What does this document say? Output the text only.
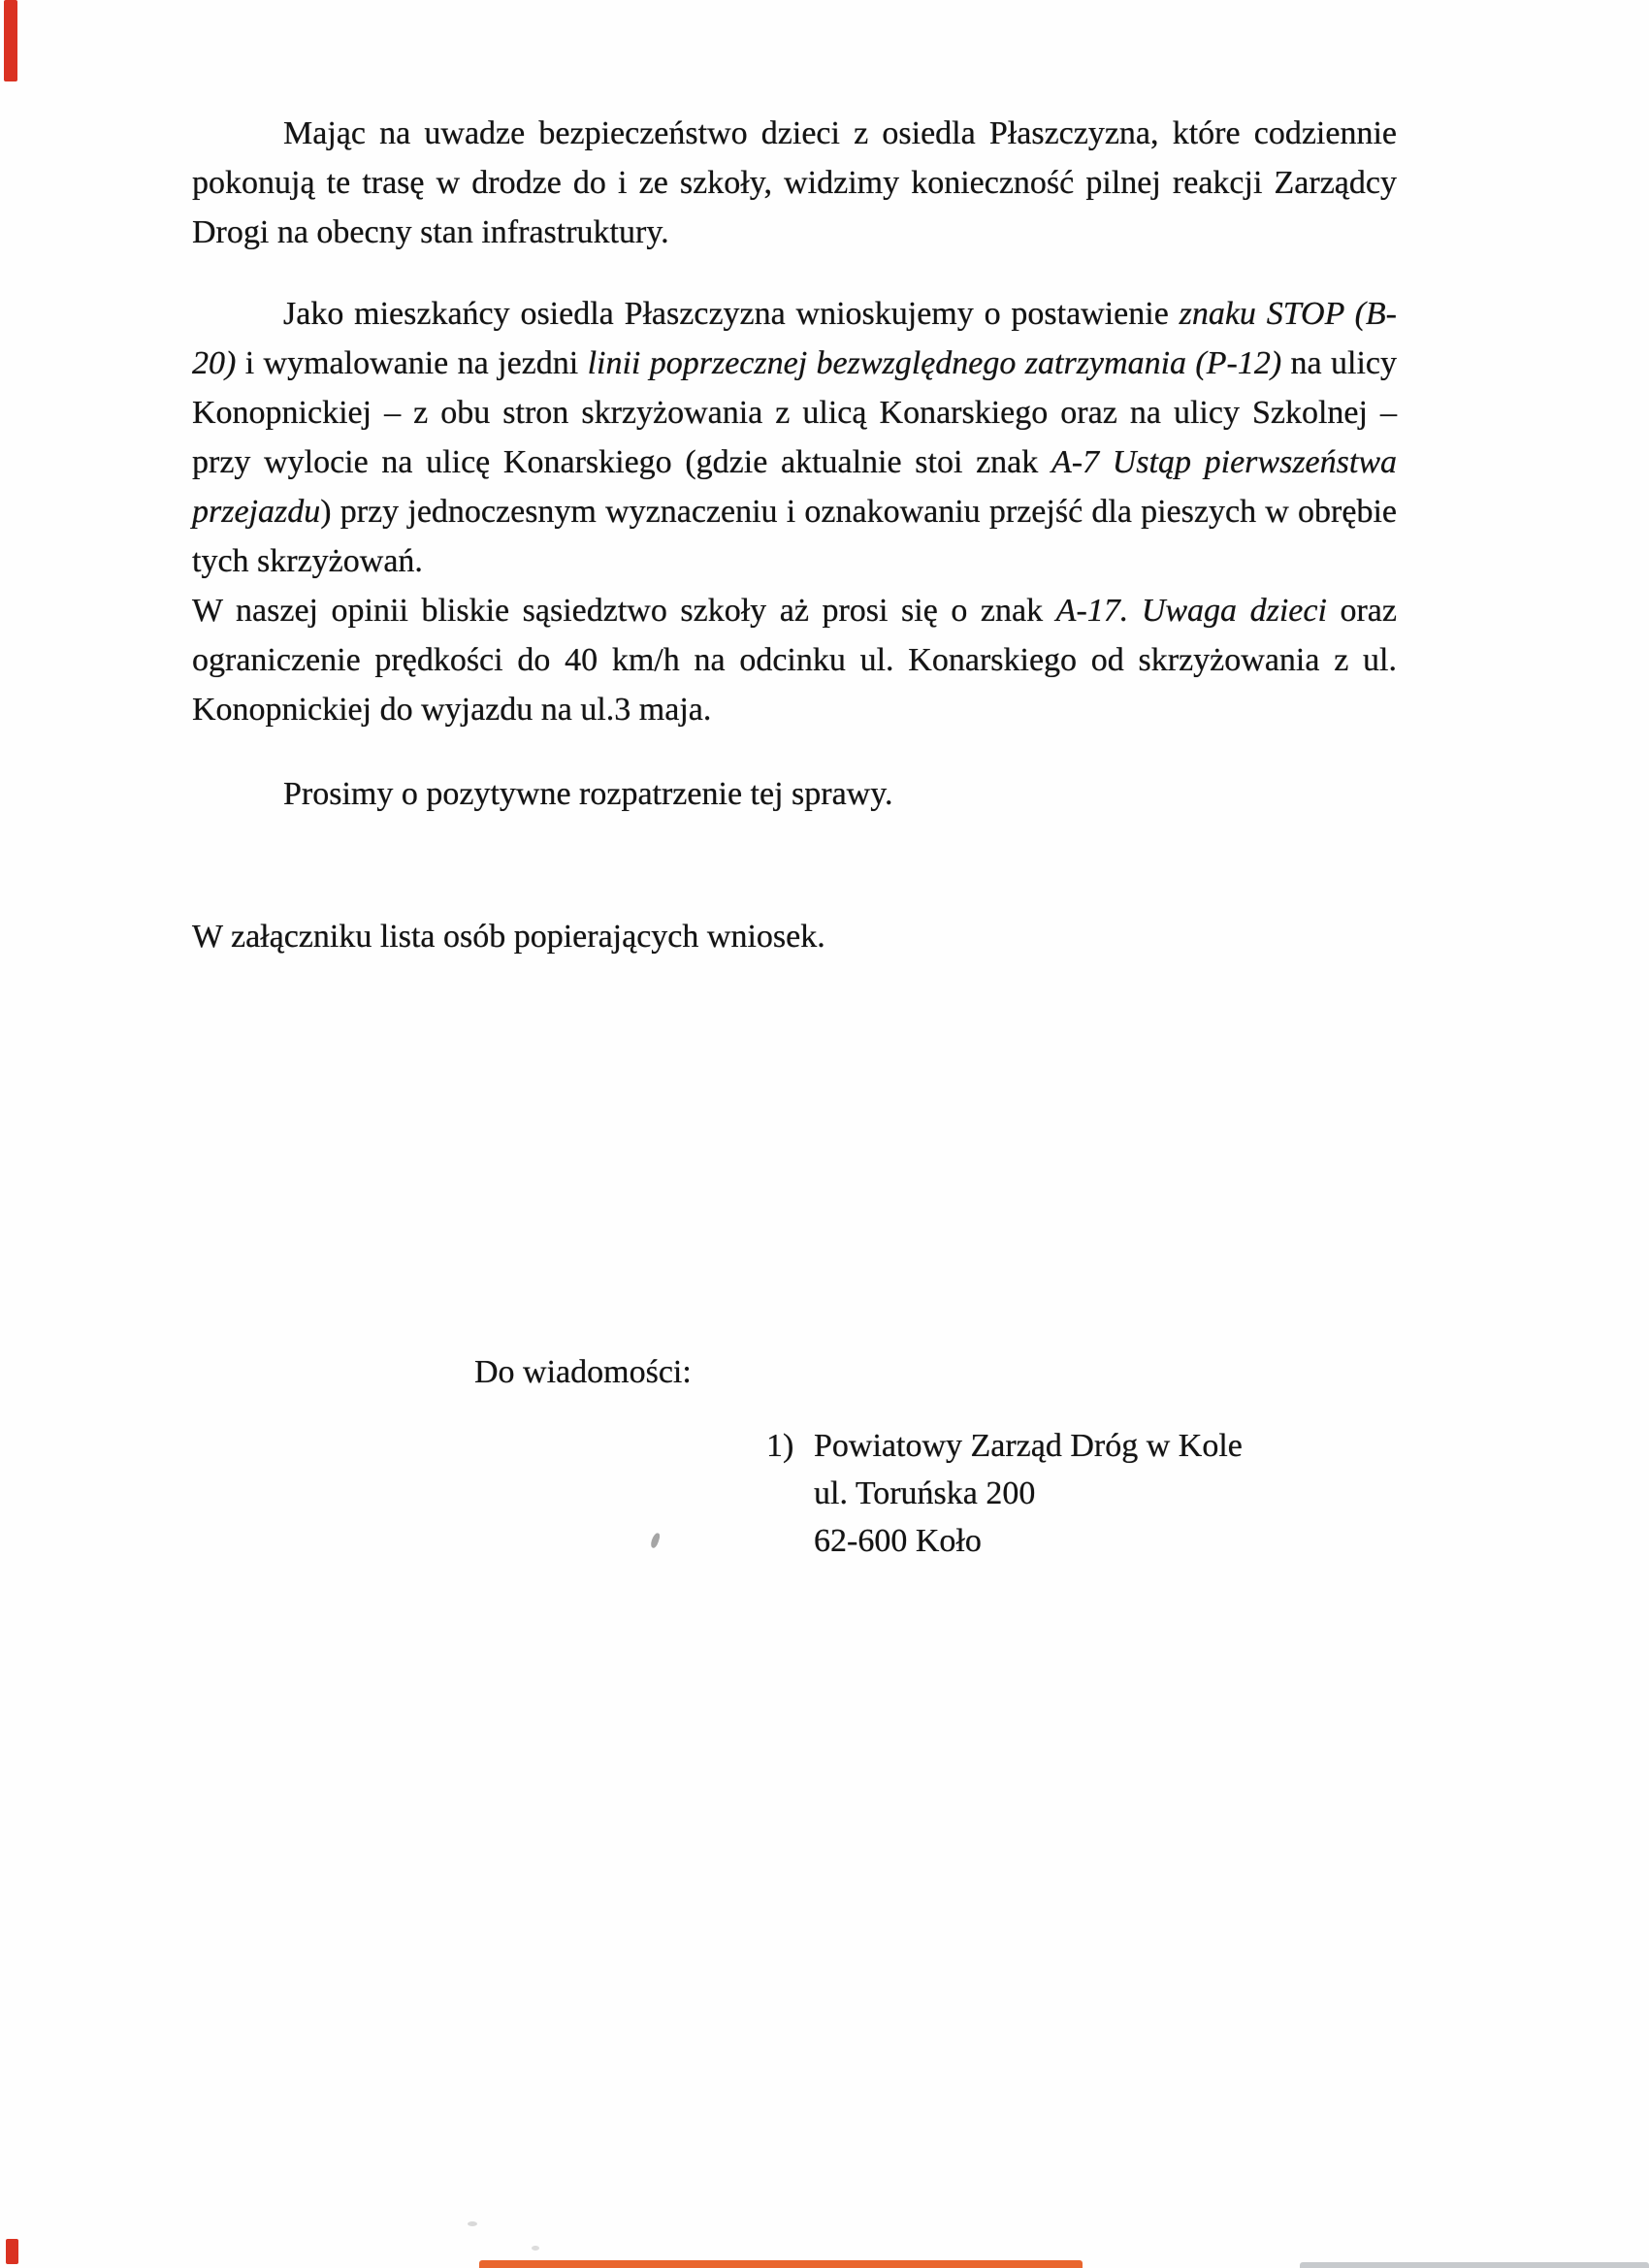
Mając na uwadze bezpieczeństwo dzieci z osiedla Płaszczyzna, które codziennie pokonują te trasę w drodze do i ze szkoły, widzimy konieczność pilnej reakcji Zarządcy Drogi na obecny stan infrastruktury.

Jako mieszkańcy osiedla Płaszczyzna wnioskujemy o postawienie znaku STOP (B-20) i wymalowanie na jezdni linii poprzecznej bezwzględnego zatrzymania (P-12) na ulicy Konopnickiej – z obu stron skrzyżowania z ulicą Konarskiego oraz na ulicy Szkolnej – przy wylocie na ulicę Konarskiego (gdzie aktualnie stoi znak A-7 Ustąp pierwszeństwa przejazdu) przy jednoczesnym wyznaczeniu i oznakowaniu przejść dla pieszych w obrębie tych skrzyżowań.

W naszej opinii bliskie sąsiedztwo szkoły aż prosi się o znak A-17. Uwaga dzieci oraz ograniczenie prędkości do 40 km/h na odcinku ul. Konarskiego od skrzyżowania z ul. Konopnickiej do wyjazdu na ul.3 maja.

Prosimy o pozytywne rozpatrzenie tej sprawy.

W załączniku lista osób popierających wniosek.

Do wiadomości:
1) Powiatowy Zarząd Dróg w Kole
ul. Toruńska 200
62-600 Koło
